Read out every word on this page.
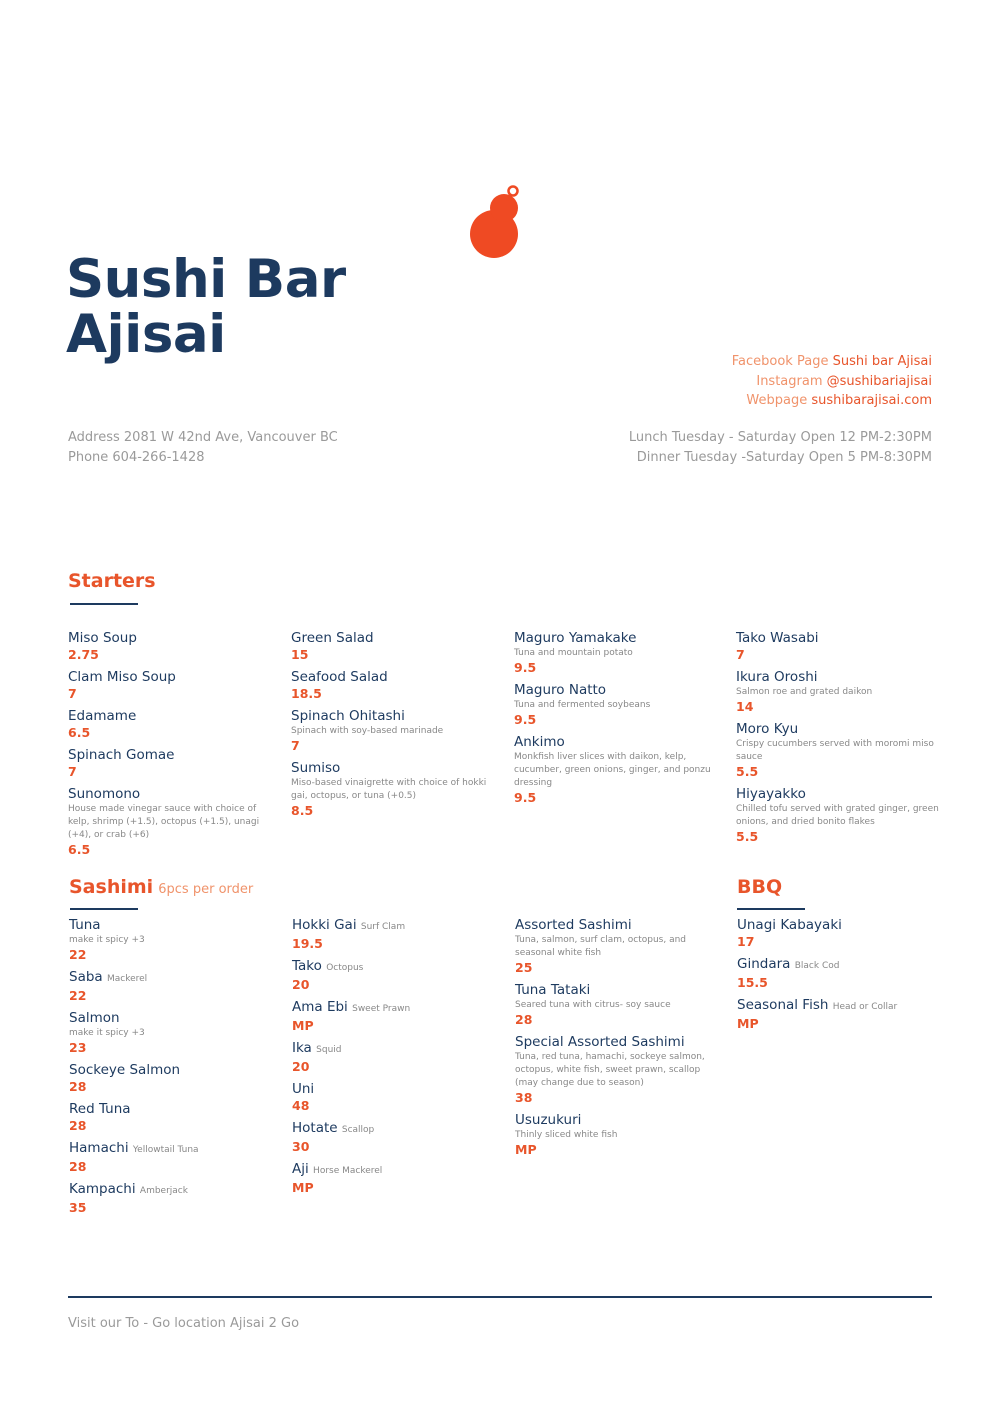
Sushi Bar
Ajisai	Facebook Page Sushi bar Ajisai
Instagram @sushibariajisai
Webpage sushibarajisai.com
Address 2081 W 42nd Ave, Vancouver BC
Phone 604-266-1428
Lunch Tuesday - Saturday Open 12 PM-2:30PM
Dinner Tuesday -Saturday Open 5 PM-8:30PM
Starters
Miso Soup
2.75
Clam Miso Soup
7
Edamame
6.5
Spinach Gomae
7
Sunomono
House made vinegar sauce with choice of kelp, shrimp (+1.5), octopus (+1.5), unagi (+4), or crab (+6)
6.5
Green Salad
15
Seafood Salad
18.5
Spinach Ohitashi
Spinach with soy-based marinade
7
Sumiso
Miso-based vinaigrette with choice of hokki gai, octopus, or tuna (+0.5)
8.5
Maguro Yamakake
Tuna and mountain potato
9.5
Maguro Natto
Tuna and fermented soybeans
9.5
Ankimo
Monkfish liver slices with daikon, kelp, cucumber, green onions, ginger, and ponzu dressing
9.5
Tako Wasabi
7
Ikura Oroshi
Salmon roe and grated daikon
14
Moro Kyu
Crispy cucumbers served with moromi miso sauce
5.5
Hiyayakko
Chilled tofu served with grated ginger, green onions, and dried bonito flakes
5.5
Sashimi 6pcs per order
Tuna
make it spicy +3
22
Saba Mackerel
22
Salmon
make it spicy +3
23
Sockeye Salmon
28
Red Tuna
28
Hamachi Yellowtail Tuna
28
Kampachi Amberjack
35
Hokki Gai Surf Clam
19.5
Tako Octopus
20
Ama Ebi Sweet Prawn
MP
Ika Squid
20
Uni
48
Hotate Scallop
30
Aji Horse Mackerel
MP
Assorted Sashimi
Tuna, salmon, surf clam, octopus, and seasonal white fish
25
Tuna Tataki
Seared tuna with citrus- soy sauce
28
Special Assorted Sashimi
Tuna, red tuna, hamachi, sockeye salmon, octopus, white fish, sweet prawn, scallop (may change due to season)
38
Usuzukuri
Thinly sliced white fish
MP
BBQ
Unagi Kabayaki
17
Gindara Black Cod
15.5
Seasonal Fish Head or Collar
MP
Visit our To - Go location Ajisai 2 Go
